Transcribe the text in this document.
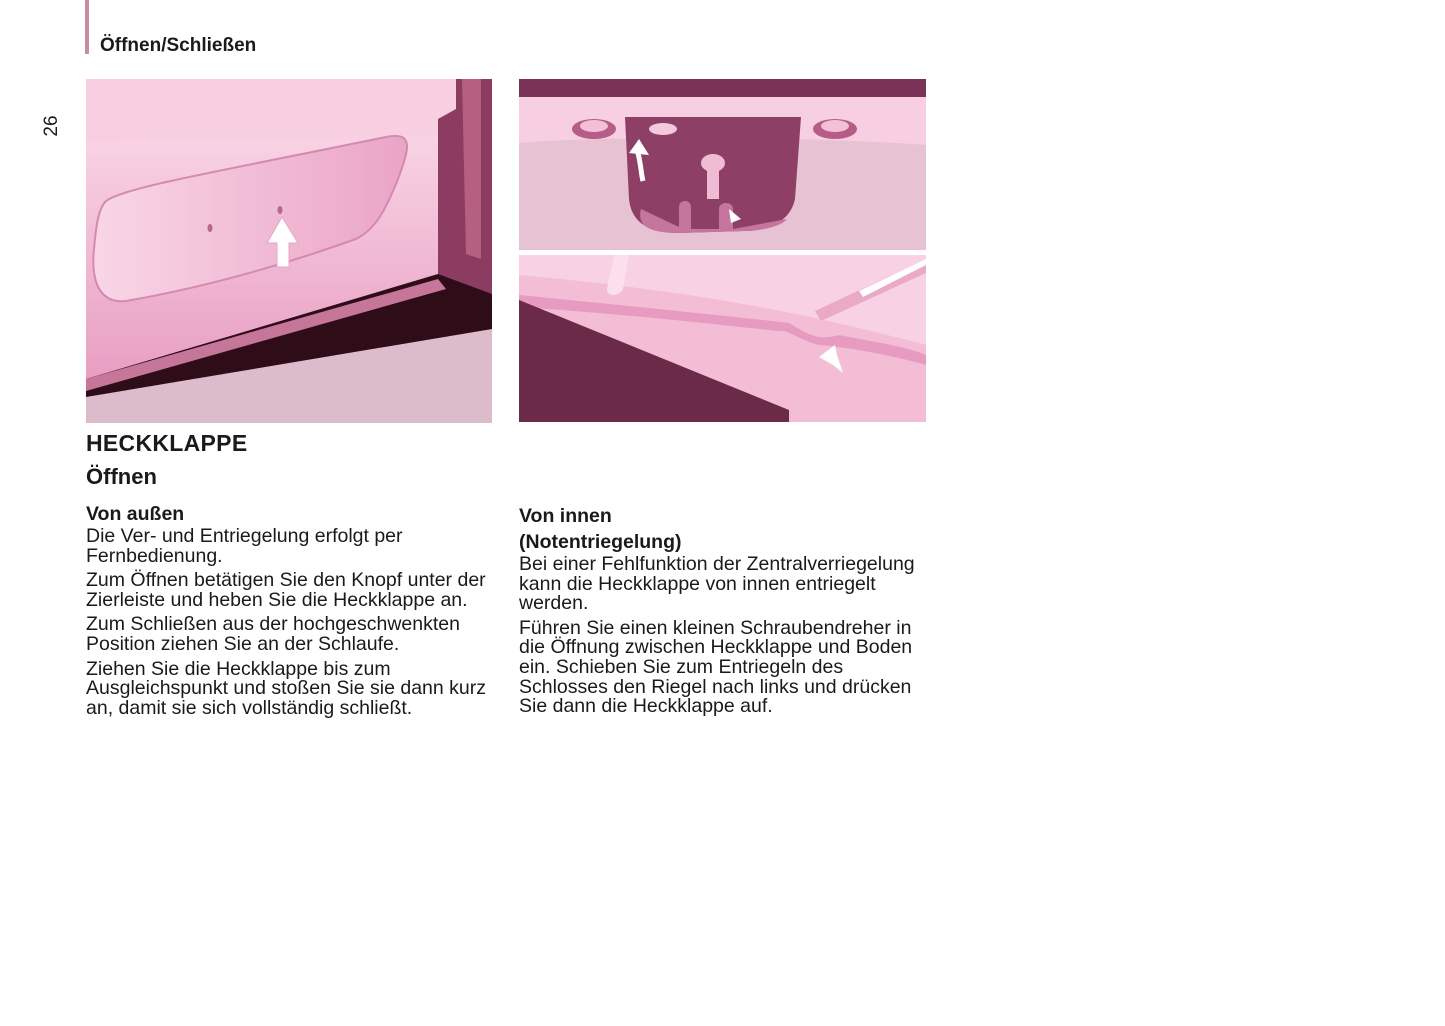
26
Öffnen/Schließen
HECKKLAPPE
Öffnen
Von außen

Die Ver- und Entriegelung erfolgt per Fernbedienung.

Zum Öffnen betätigen Sie den Knopf unter der Zierleiste und heben Sie die Heckklappe an.

Zum Schließen aus der hochgeschwenkten Position ziehen Sie an der Schlaufe.

Ziehen Sie die Heckklappe bis zum Ausgleichspunkt und stoßen Sie sie dann kurz an, damit sie sich vollständig schließt.

Von innen
(Notentriegelung)

Bei einer Fehlfunktion der Zentralverriegelung kann die Heckklappe von innen entriegelt werden.

Führen Sie einen kleinen Schraubendreher in die Öffnung zwischen Heckklappe und Boden ein. Schieben Sie zum Entriegeln des Schlosses den Riegel nach links und drücken Sie dann die Heckklappe auf.
